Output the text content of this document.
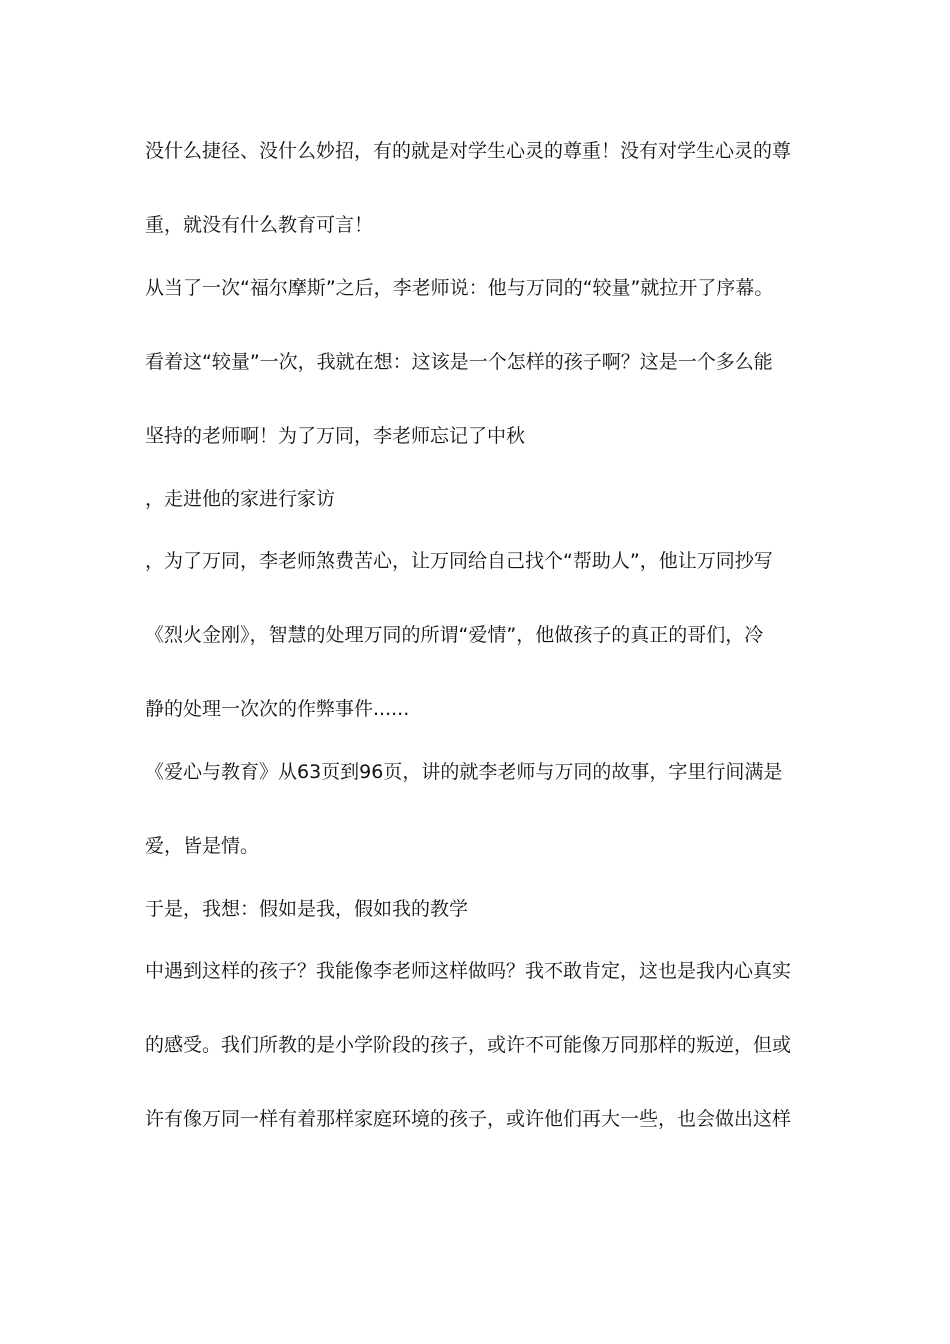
没什么捷径、没什么妙招，有的就是对学生心灵的尊重！没有对学生心灵的尊

重，就没有什么教育可言！

从当了一次“福尔摩斯”之后，李老师说：他与万同的“较量”就拉开了序幕。

看着这“较量”一次，我就在想：这该是一个怎样的孩子啊？这是一个多么能

坚持的老师啊！为了万同，李老师忘记了中秋

，走进他的家进行家访

，为了万同，李老师煞费苦心，让万同给自己找个“帮助人”，他让万同抄写

《烈火金刚》，智慧的处理万同的所谓“爱情”，他做孩子的真正的哥们，冷

静的处理一次次的作弊事件......

《爱心与教育》从63页到96页，讲的就李老师与万同的故事，字里行间满是

爱，皆是情。

于是，我想：假如是我，假如我的教学

中遇到这样的孩子？我能像李老师这样做吗？我不敢肯定，这也是我内心真实

的感受。我们所教的是小学阶段的孩子，或许不可能像万同那样的叛逆，但或

许有像万同一样有着那样家庭环境的孩子，或许他们再大一些，也会做出这样
